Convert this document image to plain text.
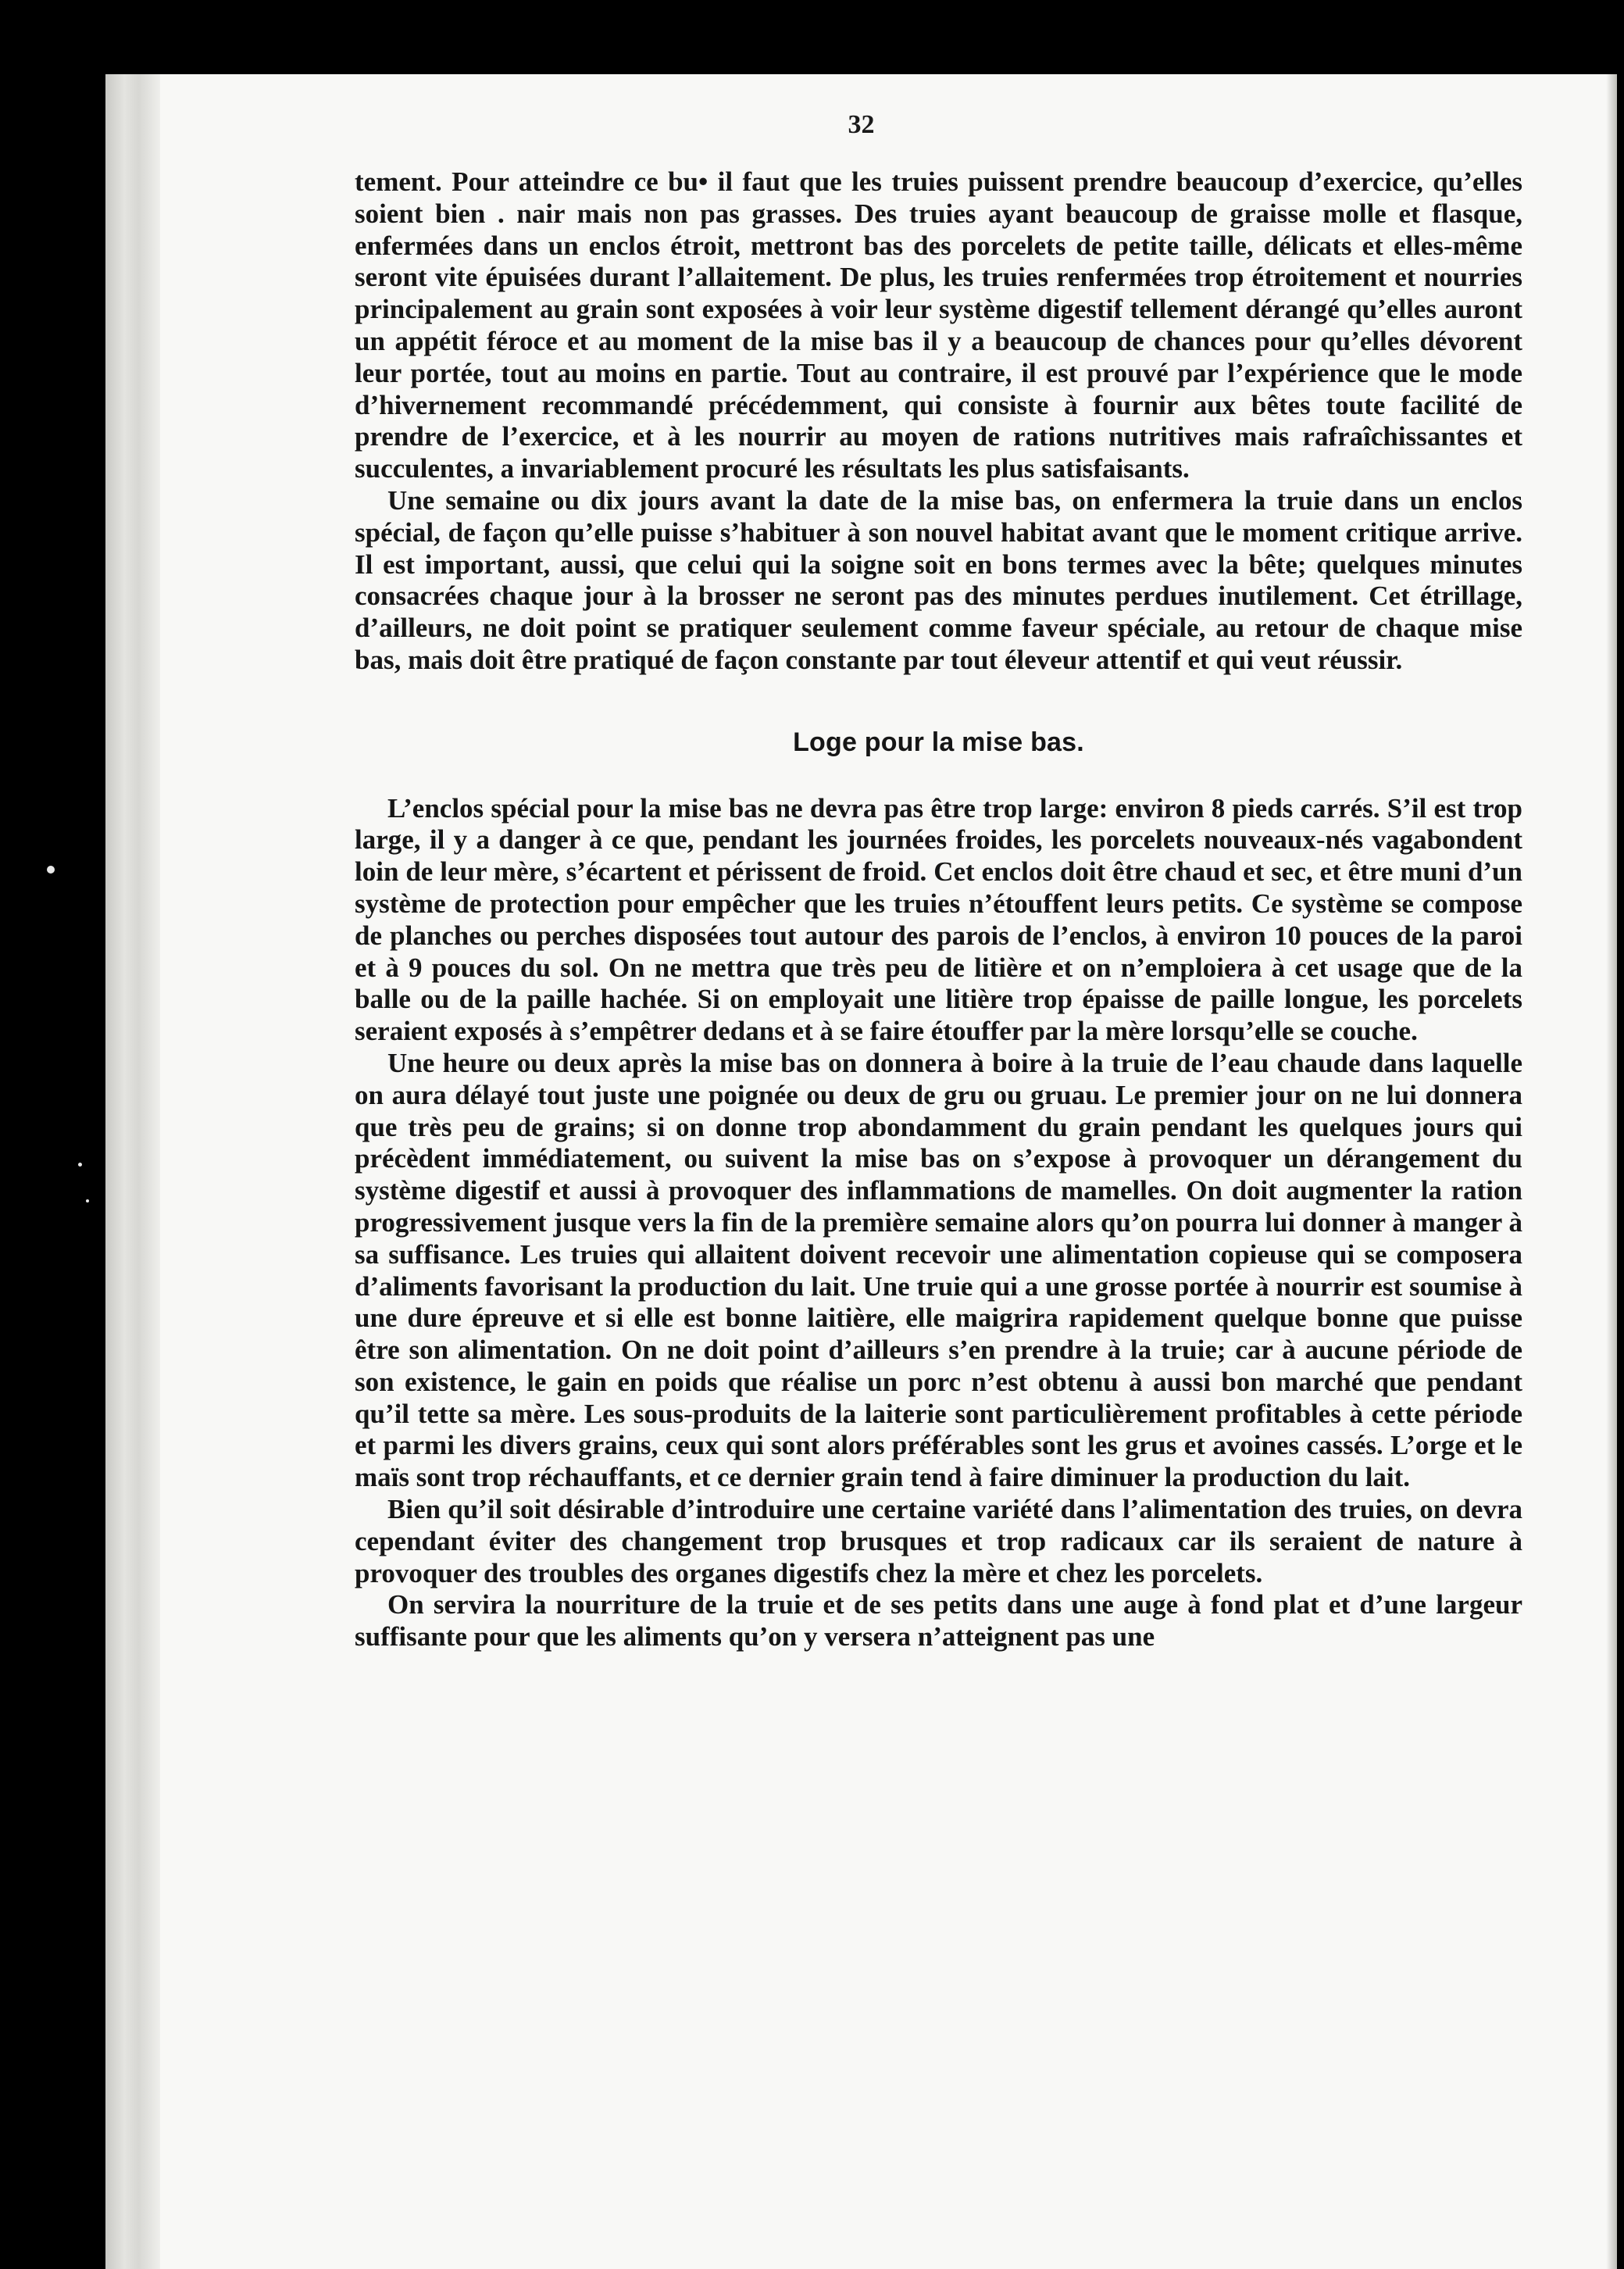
32

tement. Pour atteindre ce bu• il faut que les truies puissent prendre beaucoup d’exercice, qu’elles soient bien . nair mais non pas grasses. Des truies ayant beaucoup de graisse molle et flasque, enfermées dans un enclos étroit, mettront bas des porcelets de petite taille, délicats et elles-même seront vite épuisées durant l’allaitement. De plus, les truies renfermées trop étroitement et nourries principalement au grain sont exposées à voir leur système digestif tellement dérangé qu’elles auront un appétit féroce et au moment de la mise bas il y a beaucoup de chances pour qu’elles dévorent leur portée, tout au moins en partie. Tout au contraire, il est prouvé par l’expérience que le mode d’hivernement recommandé précédemment, qui consiste à fournir aux bêtes toute facilité de prendre de l’exercice, et à les nourrir au moyen de rations nutritives mais rafraîchissantes et succulentes, a invariablement procuré les résultats les plus satisfaisants.

Une semaine ou dix jours avant la date de la mise bas, on enfermera la truie dans un enclos spécial, de façon qu’elle puisse s’habituer à son nouvel habitat avant que le moment critique arrive. Il est important, aussi, que celui qui la soigne soit en bons termes avec la bête; quelques minutes consacrées chaque jour à la brosser ne seront pas des minutes perdues inutilement. Cet étrillage, d’ailleurs, ne doit point se pratiquer seulement comme faveur spéciale, au retour de chaque mise bas, mais doit être pratiqué de façon constante par tout éleveur attentif et qui veut réussir.

Loge pour la mise bas.

L’enclos spécial pour la mise bas ne devra pas être trop large: environ 8 pieds carrés. S’il est trop large, il y a danger à ce que, pendant les journées froides, les porcelets nouveaux-nés vagabondent loin de leur mère, s’écartent et périssent de froid. Cet enclos doit être chaud et sec, et être muni d’un système de protection pour empêcher que les truies n’étouffent leurs petits. Ce système se compose de planches ou perches disposées tout autour des parois de l’enclos, à environ 10 pouces de la paroi et à 9 pouces du sol. On ne mettra que très peu de litière et on n’emploiera à cet usage que de la balle ou de la paille hachée. Si on employait une litière trop épaisse de paille longue, les porcelets seraient exposés à s’empêtrer dedans et à se faire étouffer par la mère lorsqu’elle se couche.

Une heure ou deux après la mise bas on donnera à boire à la truie de l’eau chaude dans laquelle on aura délayé tout juste une poignée ou deux de gru ou gruau. Le premier jour on ne lui donnera que très peu de grains; si on donne trop abondamment du grain pendant les quelques jours qui précèdent immédiatement, ou suivent la mise bas on s’expose à provoquer un dérangement du système digestif et aussi à provoquer des inflammations de mamelles. On doit augmenter la ration progressivement jusque vers la fin de la première semaine alors qu’on pourra lui donner à manger à sa suffisance. Les truies qui allaitent doivent recevoir une alimentation copieuse qui se composera d’aliments favorisant la production du lait. Une truie qui a une grosse portée à nourrir est soumise à une dure épreuve et si elle est bonne laitière, elle maigrira rapidement quelque bonne que puisse être son alimentation. On ne doit point d’ailleurs s’en prendre à la truie; car à aucune période de son existence, le gain en poids que réalise un porc n’est obtenu à aussi bon marché que pendant qu’il tette sa mère. Les sous-produits de la laiterie sont particulièrement profitables à cette période et parmi les divers grains, ceux qui sont alors préférables sont les grus et avoines cassés. L’orge et le maïs sont trop réchauffants, et ce dernier grain tend à faire diminuer la production du lait.

Bien qu’il soit désirable d’introduire une certaine variété dans l’alimentation des truies, on devra cependant éviter des changement trop brusques et trop radicaux car ils seraient de nature à provoquer des troubles des organes digestifs chez la mère et chez les porcelets.

On servira la nourriture de la truie et de ses petits dans une auge à fond plat et d’une largeur suffisante pour que les aliments qu’on y versera n’atteignent pas une
